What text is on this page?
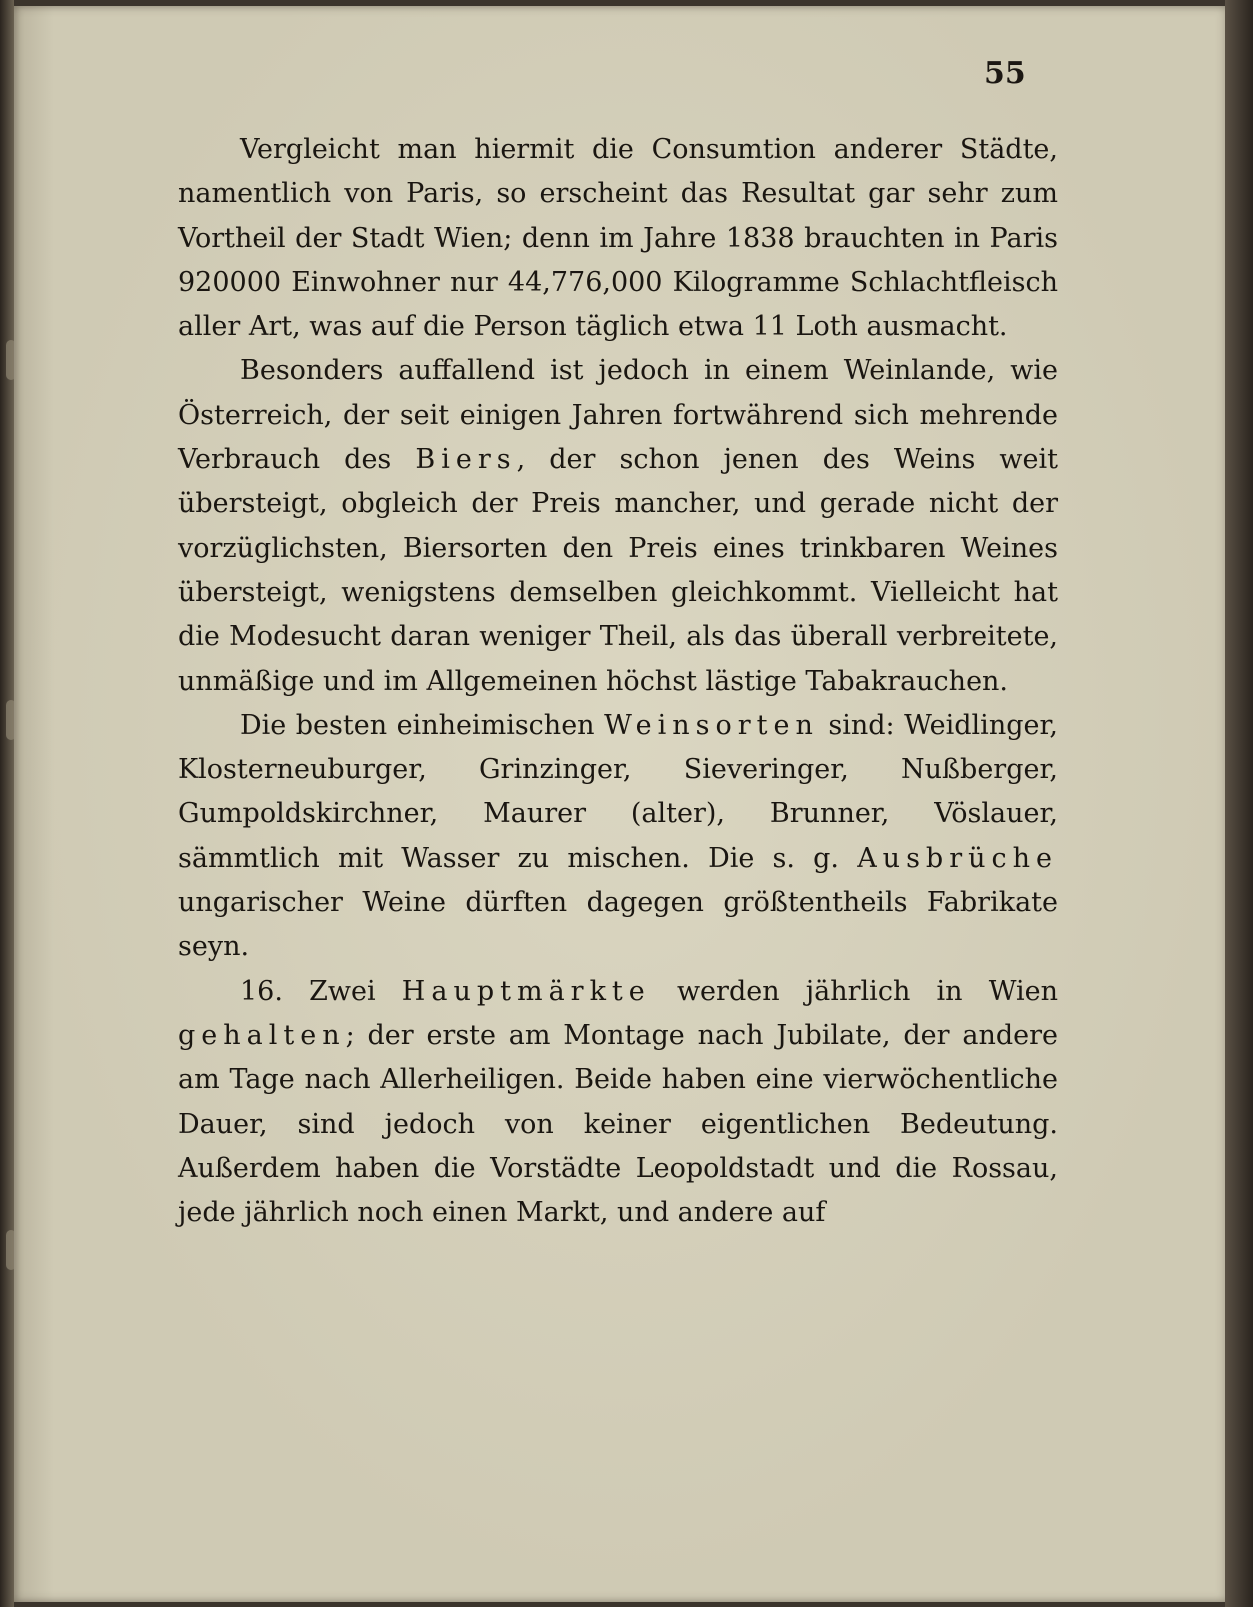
55

Vergleicht man hiermit die Consumtion anderer Städte, namentlich von Paris, so erscheint das Resultat gar sehr zum Vortheil der Stadt Wien; denn im Jahre 1838 brauchten in Paris 920000 Einwohner nur 44,776,000 Kilogramme Schlachtfleisch aller Art, was auf die Person täglich etwa 11 Loth ausmacht.

Besonders auffallend ist jedoch in einem Weinlande, wie Österreich, der seit einigen Jahren fortwährend sich mehrende Verbrauch des Biers, der schon jenen des Weins weit übersteigt, obgleich der Preis mancher, und gerade nicht der vorzüglichsten, Biersorten den Preis eines trinkbaren Weines übersteigt, wenigstens demselben gleichkommt. Vielleicht hat die Modesucht daran weniger Theil, als das überall verbreitete, unmäßige und im Allgemeinen höchst lästige Tabakrauchen.

Die besten einheimischen Weinsorten sind: Weidlinger, Klosterneuburger, Grinzinger, Sieveringer, Nußberger, Gumpoldskirchner, Maurer (alter), Brunner, Vöslauer, sämmtlich mit Wasser zu mischen. Die s. g. Ausbrüche ungarischer Weine dürften dagegen größtentheils Fabrikate seyn.

16. Zwei Hauptmärkte werden jährlich in Wien gehalten; der erste am Montage nach Jubilate, der andere am Tage nach Allerheiligen. Beide haben eine vierwöchentliche Dauer, sind jedoch von keiner eigentlichen Bedeutung. Außerdem haben die Vorstädte Leopoldstadt und die Rossau, jede jährlich noch einen Markt, und andere auf
